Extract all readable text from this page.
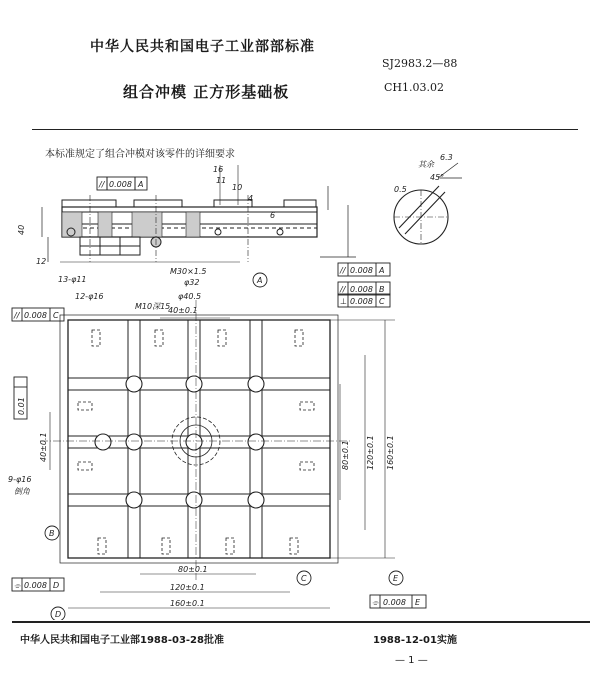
中华人民共和国电子工业部部标准
SJ2983.2—88
组合冲模 正方形基础板	CH1.03.02
本标准规定了组合冲模对该零件的详细要求
// 0.008 A
16
11
10
6
4
12
40
13-φ11
12-φ16
M30×1.5
φ32
φ40.5
40±0.1
M10深15
A
// 0.008 A
// 0.008 B
⊥ 0.008 C
// 0.008 C
0.01
40±0.1
9-φ16
倒角
B
C	E
D
⌯ 0.008 D
⌯ 0.008 E
80±0.1
120±0.1
160±0.1
80±0.1 120±0.1 160±0.1
其余
6.3
45°
0.5
中华人民共和国电子工业部1988-03-28批准	1988-12-01实施
— 1 —
